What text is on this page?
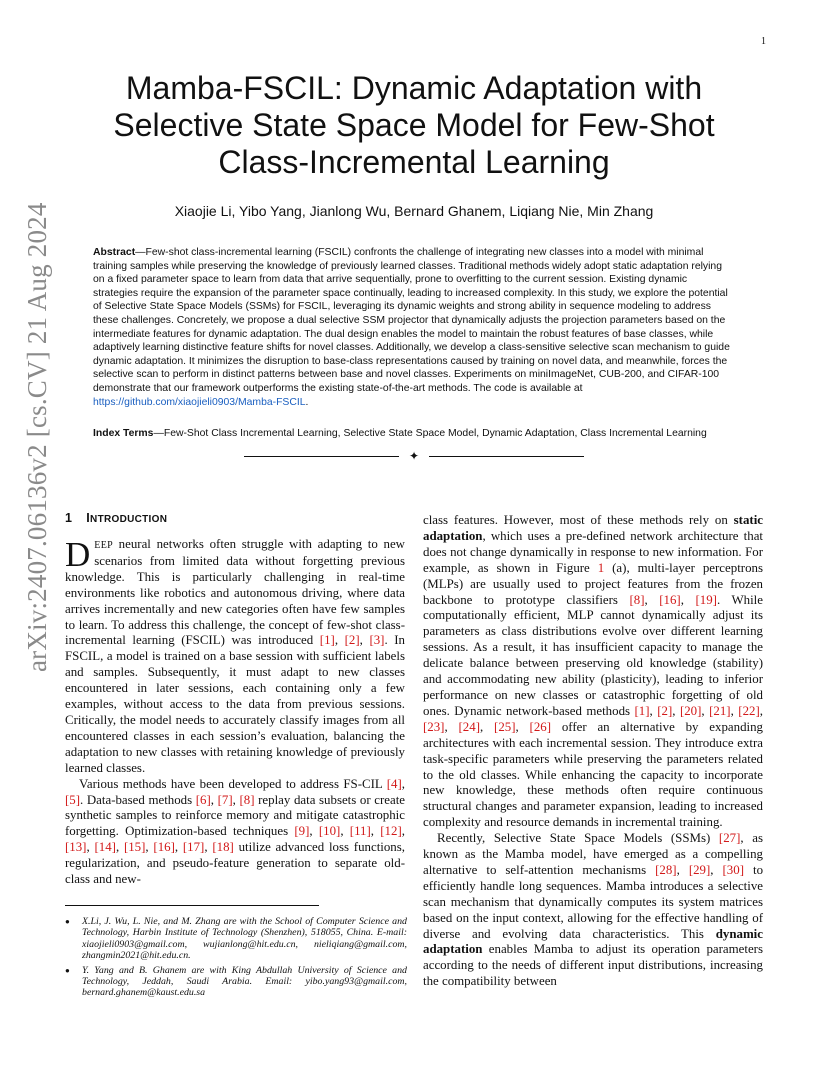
1
arXiv:2407.06136v2 [cs.CV] 21 Aug 2024
Mamba-FSCIL: Dynamic Adaptation with
Selective State Space Model for Few-Shot
Class-Incremental Learning
Xiaojie Li, Yibo Yang, Jianlong Wu, Bernard Ghanem, Liqiang Nie, Min Zhang
Abstract—Few-shot class-incremental learning (FSCIL) confronts the challenge of integrating new classes into a model with minimal training samples while preserving the knowledge of previously learned classes. Traditional methods widely adopt static adaptation relying on a fixed parameter space to learn from data that arrive sequentially, prone to overfitting to the current session. Existing dynamic strategies require the expansion of the parameter space continually, leading to increased complexity. In this study, we explore the potential of Selective State Space Models (SSMs) for FSCIL, leveraging its dynamic weights and strong ability in sequence modeling to address these challenges. Concretely, we propose a dual selective SSM projector that dynamically adjusts the projection parameters based on the intermediate features for dynamic adaptation. The dual design enables the model to maintain the robust features of base classes, while adaptively learning distinctive feature shifts for novel classes. Additionally, we develop a class-sensitive selective scan mechanism to guide dynamic adaptation. It minimizes the disruption to base-class representations caused by training on novel data, and meanwhile, forces the selective scan to perform in distinct patterns between base and novel classes. Experiments on miniImageNet, CUB-200, and CIFAR-100 demonstrate that our framework outperforms the existing state-of-the-art methods. The code is available at https://github.com/xiaojieli0903/Mamba-FSCIL.
Index Terms—Few-Shot Class Incremental Learning, Selective State Space Model, Dynamic Adaptation, Class Incremental Learning
✦
1 INTRODUCTION

DEEP neural networks often struggle with adapting to new scenarios from limited data without forgetting previous knowledge. This is particularly challenging in real-time environments like robotics and autonomous driving, where data arrives incrementally and new categories often have few samples to learn. To address this challenge, the concept of few-shot class-incremental learning (FSCIL) was introduced [1], [2], [3]. In FSCIL, a model is trained on a base session with sufficient labels and samples. Subsequently, it must adapt to new classes encountered in later sessions, each containing only a few examples, without access to the data from previous sessions. Critically, the model needs to accurately classify images from all encountered classes in each session’s evaluation, balancing the adaptation to new classes with retaining knowledge of previously learned classes.

Various methods have been developed to address FS-CIL [4], [5]. Data-based methods [6], [7], [8] replay data subsets or create synthetic samples to reinforce memory and mitigate catastrophic forgetting. Optimization-based techniques [9], [10], [11], [12], [13], [14], [15], [16], [17], [18] utilize advanced loss functions, regularization, and pseudo-feature generation to separate old-class and new-

class features. However, most of these methods rely on static adaptation, which uses a pre-defined network architecture that does not change dynamically in response to new information. For example, as shown in Figure 1 (a), multi-layer perceptrons (MLPs) are usually used to project features from the frozen backbone to prototype classifiers [8], [16], [19]. While computationally efficient, MLP cannot dynamically adjust its parameters as class distributions evolve over different learning sessions. As a result, it has insufficient capacity to manage the delicate balance between preserving old knowledge (stability) and accommodating new ability (plasticity), leading to inferior performance on new classes or catastrophic forgetting of old ones. Dynamic network-based methods [1], [2], [20], [21], [22], [23], [24], [25], [26] offer an alternative by expanding architectures with each incremental session. They introduce extra task-specific parameters while preserving the parameters related to the old classes. While enhancing the capacity to incorporate new knowledge, these methods often require continuous structural changes and parameter expansion, leading to increased complexity and resource demands in incremental training.

Recently, Selective State Space Models (SSMs) [27], as known as the Mamba model, have emerged as a compelling alternative to self-attention mechanisms [28], [29], [30] to efficiently handle long sequences. Mamba introduces a selective scan mechanism that dynamically computes its system matrices based on the input context, allowing for the effective handling of diverse and evolving data characteristics. This dynamic adaptation enables Mamba to adjust its operation parameters according to the needs of different input distributions, increasing the compatibility between

● X.Li, J. Wu, L. Nie, and M. Zhang are with the School of Computer Science and Technology, Harbin Institute of Technology (Shenzhen), 518055, China. E-mail: xiaojieli0903@gmail.com, wujianlong@hit.edu.cn, nieliqiang@gmail.com, zhangmin2021@hit.edu.cn.

● Y. Yang and B. Ghanem are with King Abdullah University of Science and Technology, Jeddah, Saudi Arabia. Email: yibo.yang93@gmail.com, bernard.ghanem@kaust.edu.sa
